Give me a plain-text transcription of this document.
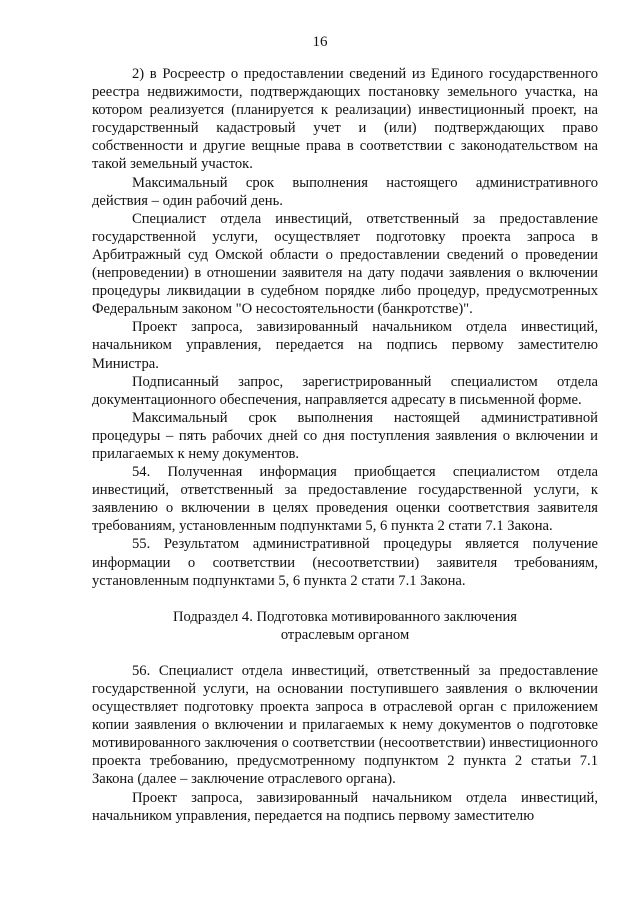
16

2) в Росреестр о предоставлении сведений из Единого государственного реестра недвижимости, подтверждающих постановку земельного участка, на котором реализуется (планируется к реализации) инвестиционный проект, на государственный кадастровый учет и (или) подтверждающих право собственности и другие вещные права в соответствии с законодательством на такой земельный участок.

Максимальный срок выполнения настоящего административного действия – один рабочий день.

Специалист отдела инвестиций, ответственный за предоставление государственной услуги, осуществляет подготовку проекта запроса в Арбитражный суд Омской области о предоставлении сведений о проведении (непроведении) в отношении заявителя на дату подачи заявления о включении процедуры ликвидации в судебном порядке либо процедур, предусмотренных Федеральным законом "О несостоятельности (банкротстве)".

Проект запроса, завизированный начальником отдела инвестиций, начальником управления, передается на подпись первому заместителю Министра.

Подписанный запрос, зарегистрированный специалистом отдела документационного обеспечения, направляется адресату в письменной форме.

Максимальный срок выполнения настоящей административной процедуры – пять рабочих дней со дня поступления заявления о включении и прилагаемых к нему документов.

54. Полученная информация приобщается специалистом отдела инвестиций, ответственный за предоставление государственной услуги, к заявлению о включении в целях проведения оценки соответствия заявителя требованиям, установленным подпунктами 5, 6 пункта 2 стати 7.1 Закона.

55. Результатом административной процедуры является получение информации о соответствии (несоответствии) заявителя требованиям, установленным подпунктами 5, 6 пункта 2 стати 7.1 Закона.

Подраздел 4. Подготовка мотивированного заключения
отраслевым органом

56. Специалист отдела инвестиций, ответственный за предоставление государственной услуги, на основании поступившего заявления о включении осуществляет подготовку проекта запроса в отраслевой орган с приложением копии заявления о включении и прилагаемых к нему документов о подготовке мотивированного заключения о соответствии (несоответствии) инвестиционного проекта требованию, предусмотренному подпунктом 2 пункта 2 статьи 7.1 Закона (далее – заключение отраслевого органа).

Проект запроса, завизированный начальником отдела инвестиций, начальником управления, передается на подпись первому заместителю
